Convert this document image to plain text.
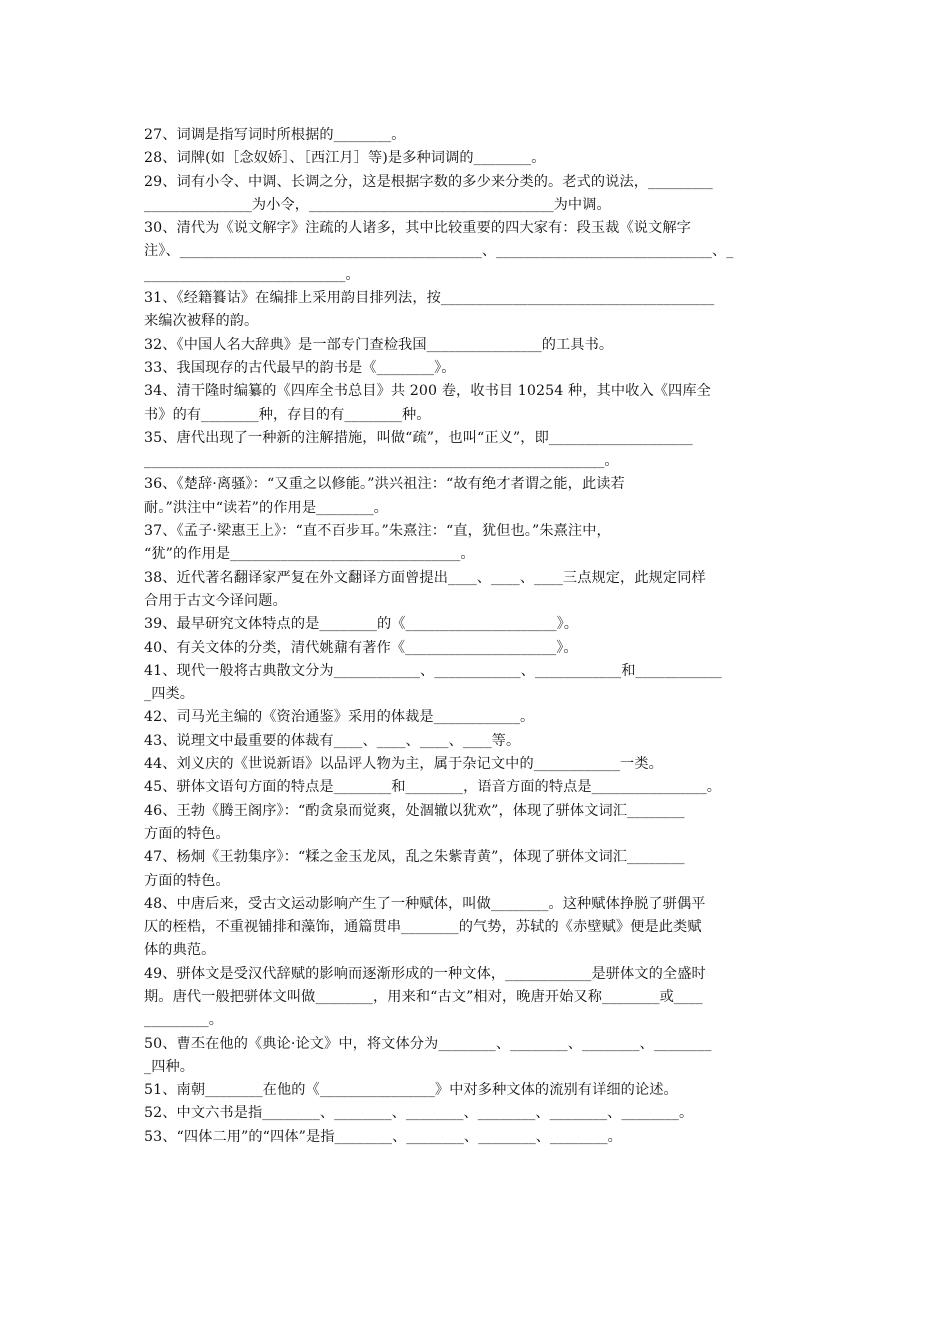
27、词调是指写词时所根据的________。
28、词牌(如［念奴娇］、［西江月］等)是多种词调的________。
29、词有小令、中调、长调之分，这是根据字数的多少来分类的。老式的说法，_________
_______________为小令，__________________________________为中调。
30、清代为《说文解字》注疏的人诸多，其中比较重要的四大家有：段玉裁《说文解字
注》、__________________________________________、______________________________、_
____________________________。
31、《经籍籑诂》在编排上采用韵目排列法，按______________________________________
来编次被释的韵。
32、《中国人名大辞典》是一部专门查检我国________________的工具书。
33、我国现存的古代最早的韵书是《________》。
34、清干隆时编纂的《四库全书总目》共 200 卷，收书目 10254 种，其中收入《四库全
书》的有________种，存目的有________种。
35、唐代出现了一种新的注解措施，叫做“疏”，也叫“正义”，即____________________
________________________________________________________________。
36、《楚辞·离骚》：“又重之以修能。”洪兴祖注：“故有绝才者谓之能，此读若
耐。”洪注中“读若”的作用是________。
37、《孟子·梁惠王上》：“直不百步耳。”朱熹注：“直，犹但也。”朱熹注中，
“犹”的作用是________________________________。
38、近代著名翻译家严复在外文翻译方面曾提出____、____、____三点规定，此规定同样
合用于古文今译问题。
39、最早研究文体特点的是________的《_____________________》。
40、有关文体的分类，清代姚鼐有著作《_____________________》。
41、现代一般将古典散文分为____________、____________、____________和____________
_四类。
42、司马光主编的《资治通鉴》采用的体裁是____________。
43、说理文中最重要的体裁有____、____、____、____等。
44、刘义庆的《世说新语》以品评人物为主，属于杂记文中的____________一类。
45、骈体文语句方面的特点是________和________，语音方面的特点是________________。
46、王勃《腾王阁序》：“酌贪泉而觉爽，处涸辙以犹欢”，体现了骈体文词汇________
方面的特色。
47、杨炯《王勃集序》：“糅之金玉龙凤，乱之朱紫青黄”，体现了骈体文词汇________
方面的特色。
48、中唐后来，受古文运动影响产生了一种赋体，叫做________。这种赋体挣脱了骈偶平
仄的桎梏，不重视铺排和藻饰，通篇贯串________的气势，苏轼的《赤壁赋》便是此类赋
体的典范。
49、骈体文是受汉代辞赋的影响而逐渐形成的一种文体，____________是骈体文的全盛时
期。唐代一般把骈体文叫做________，用来和“古文”相对，晚唐开始又称________或____
_________。
50、曹丕在他的《典论·论文》中，将文体分为________、________、________、________
_四种。
51、南朝________在他的《________________》中对多种文体的流别有详细的论述。
52、中文六书是指________、________、________、________、________、________。
53、“四体二用”的“四体”是指________、________、________、________。
